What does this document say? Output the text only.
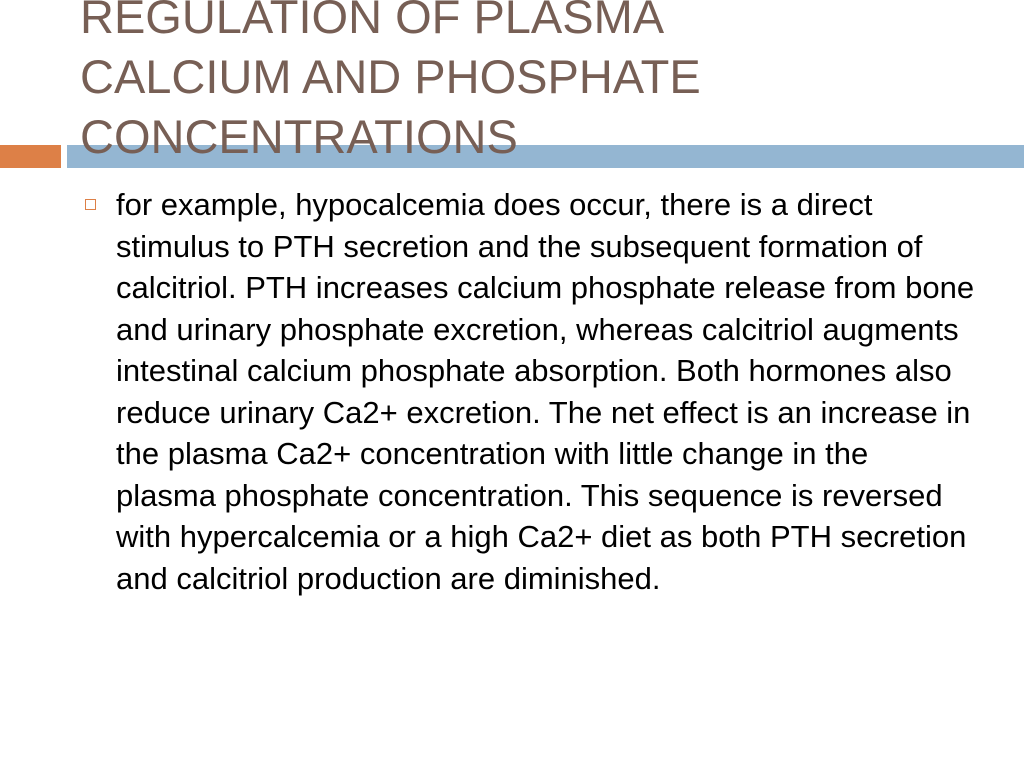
REGULATION OF PLASMA
CALCIUM AND PHOSPHATE
CONCENTRATIONS

for example, hypocalcemia does occur, there is a direct stimulus to PTH secretion and the subsequent formation of calcitriol. PTH increases calcium phosphate release from bone and urinary phosphate excretion, whereas calcitriol augments intestinal calcium phosphate absorption. Both hormones also reduce urinary Ca2+ excretion. The net effect is an increase in the plasma Ca2+ concentration with little change in the plasma phosphate concentration. This sequence is reversed with hypercalcemia or a high Ca2+ diet as both PTH secretion and calcitriol production are diminished.
